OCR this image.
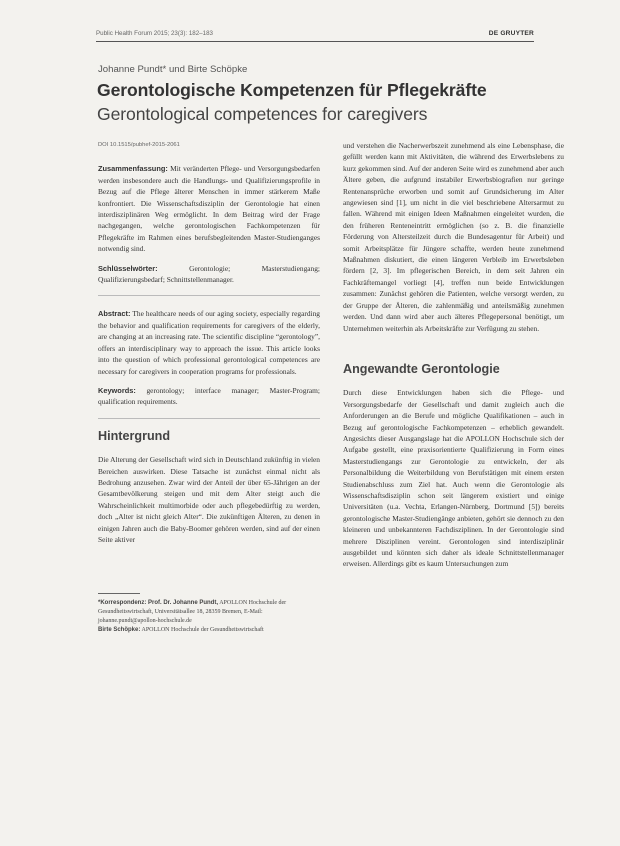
Public Health Forum 2015; 23(3): 182–183	DE GRUYTER
Johanne Pundt* und Birte Schöpke
Gerontologische Kompetenzen für Pflegekräfte
Gerontological competences for caregivers
DOI 10.1515/pubhef-2015-2061

Zusammenfassung: Mit veränderten Pflege- und Versorgungsbedarfen werden insbesondere auch die Handlungs- und Qualifizierungsprofile in Bezug auf die Pflege älterer Menschen in immer stärkerem Maße konfrontiert. Die Wissenschaftsdisziplin der Gerontologie hat einen interdisziplinären Weg ermöglicht. In dem Beitrag wird der Frage nachgegangen, welche gerontologischen Fachkompetenzen für Pflegekräfte im Rahmen eines berufsbegleitenden Master-Studienganges notwendig sind.

Schlüsselwörter:	Gerontologie; Masterstudiengang; Qualifizierungsbedarf; Schnittstellenmanager.

Abstract: The healthcare needs of our aging society, especially regarding the behavior and qualification requirements for caregivers of the elderly, are changing at an increasing rate. The scientific discipline “gerontology”, offers an interdisciplinary way to approach the issue. This article looks into the question of which professional gerontological competences are necessary for caregivers in cooperation programs for professionals.

Keywords: gerontology; interface manager; Master-Program; qualification requirements.

Hintergrund

Die Alterung der Gesellschaft wird sich in Deutschland zukünftig in vielen Bereichen auswirken. Diese Tatsache ist zunächst einmal nicht als Bedrohung anzusehen. Zwar wird der Anteil der über 65-Jährigen an der Gesamtbevölkerung steigen und mit dem Alter steigt auch die Wahrscheinlichkeit multimorbide oder auch pflegebedürftig zu werden, doch „Alter ist nicht gleich Alter“. Die zukünftigen Älteren, zu denen in einigen Jahren auch die Baby-Boomer gehören werden, sind auf der einen Seite aktiver

*Korrespondenz: Prof. Dr. Johanne Pundt, APOLLON Hochschule der Gesundheitswirtschaft, Universitätsallee 18, 28359 Bremen, E-Mail: johanne.pundt@apollon-hochschule.de
Birte Schöpke: APOLLON Hochschule der Gesundheitswirtschaft

und verstehen die Nacherwerbszeit zunehmend als eine Lebensphase, die gefüllt werden kann mit Aktivitäten, die während des Erwerbslebens zu kurz gekommen sind. Auf der anderen Seite wird es zunehmend aber auch Ältere geben, die aufgrund instabiler Erwerbsbiografien nur geringe Rentenansprüche erworben und somit auf Grundsicherung im Alter angewiesen sind [1], um nicht in die viel beschriebene Altersarmut zu fallen. Während mit einigen Ideen Maßnahmen eingeleitet wurden, die den früheren Renteneintritt ermöglichen (so z. B. die finanzielle Förderung von Altersteilzeit durch die Bundesagentur für Arbeit) und somit Arbeitsplätze für Jüngere schaffte, werden heute zunehmend Maßnahmen diskutiert, die einen längeren Verbleib im Erwerbsleben fördern [2, 3]. Im pflegerischen Bereich, in dem seit Jahren ein Fachkräftemangel vorliegt [4], treffen nun beide Entwicklungen zusammen: Zunächst gehören die Patienten, welche versorgt werden, zu der Gruppe der Älteren, die zahlenmäßig und anteilsmäßig zunehmen werden. Und dann wird aber auch älteres Pflegepersonal benötigt, um Unternehmen weiterhin als Arbeitskräfte zur Verfügung zu stehen.

Angewandte Gerontologie

Durch diese Entwicklungen haben sich die Pflege- und Versorgungsbedarfe der Gesellschaft und damit zugleich auch die Anforderungen an die Berufe und mögliche Qualifikationen – auch in Bezug auf gerontologische Fachkompetenzen – erheblich gewandelt. Angesichts dieser Ausgangslage hat die APOLLON Hochschule sich der Aufgabe gestellt, eine praxisorientierte Qualifizierung in Form eines Masterstudiengangs zur Gerontologie zu entwickeln, der als Personalbildung die Weiterbildung von Berufstätigen mit einem ersten Studienabschluss zum Ziel hat. Auch wenn die Gerontologie als Wissenschaftsdisziplin schon seit längerem existiert und einige Universitäten (u.a. Vechta, Erlangen-Nürnberg, Dortmund [5]) bereits gerontologische Master-Studiengänge anbieten, gehört sie dennoch zu den kleineren und unbekannteren Fachdisziplinen. In der Gerontologie sind mehrere Disziplinen vereint. Gerontologen sind interdisziplinär ausgebildet und könnten sich daher als ideale Schnittstellenmanager erweisen. Allerdings gibt es kaum Untersuchungen zum
